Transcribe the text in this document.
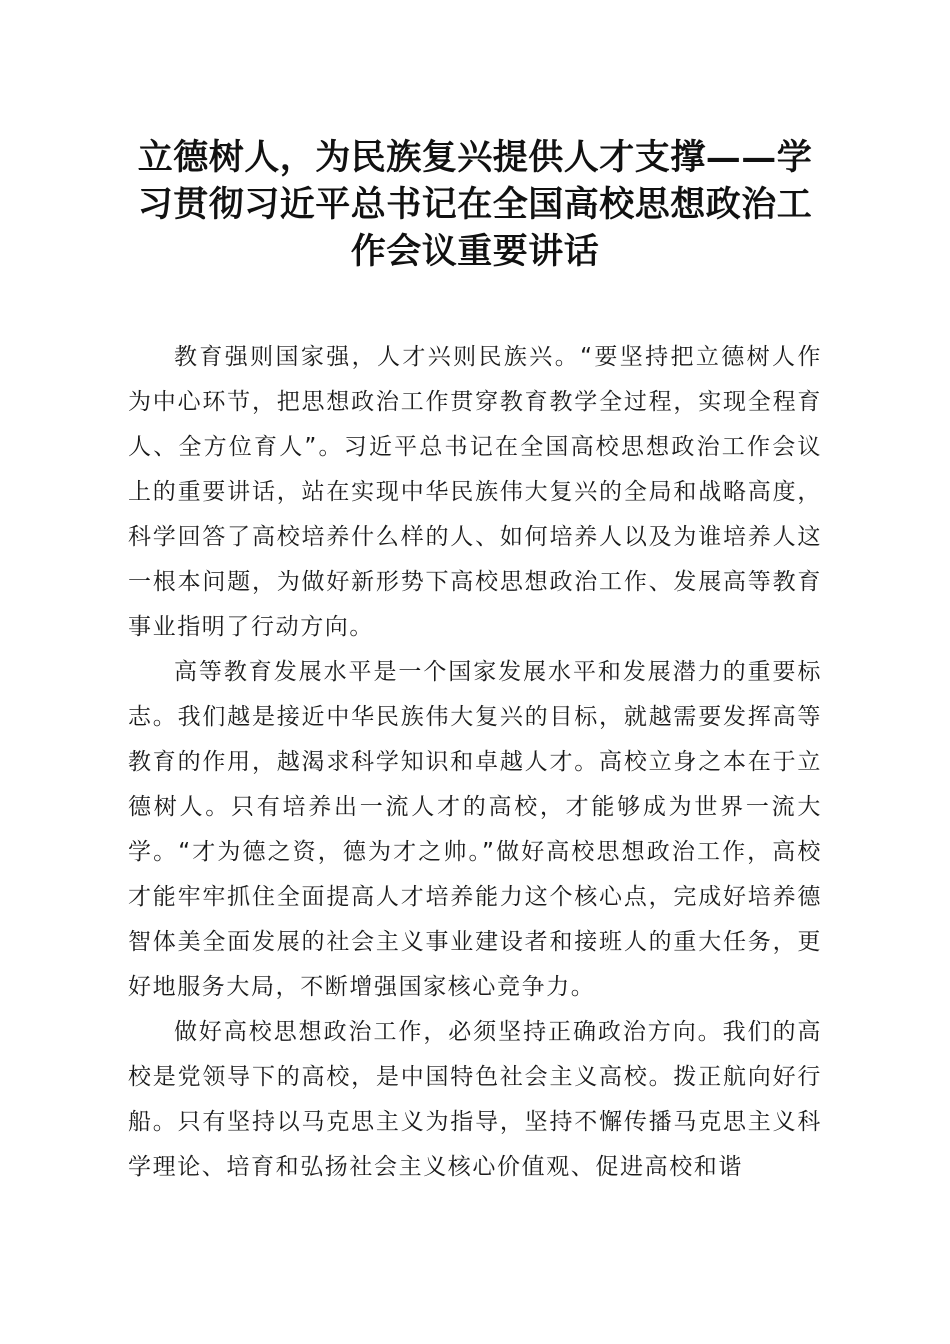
立德树人，为民族复兴提供人才支撑——学习贯彻习近平总书记在全国高校思想政治工作会议重要讲话

教育强则国家强，人才兴则民族兴。“要坚持把立德树人作为中心环节，把思想政治工作贯穿教育教学全过程，实现全程育人、全方位育人”。习近平总书记在全国高校思想政治工作会议上的重要讲话，站在实现中华民族伟大复兴的全局和战略高度，科学回答了高校培养什么样的人、如何培养人以及为谁培养人这一根本问题，为做好新形势下高校思想政治工作、发展高等教育事业指明了行动方向。

高等教育发展水平是一个国家发展水平和发展潜力的重要标志。我们越是接近中华民族伟大复兴的目标，就越需要发挥高等教育的作用，越渴求科学知识和卓越人才。高校立身之本在于立德树人。只有培养出一流人才的高校，才能够成为世界一流大学。“才为德之资，德为才之帅。”做好高校思想政治工作，高校才能牢牢抓住全面提高人才培养能力这个核心点，完成好培养德智体美全面发展的社会主义事业建设者和接班人的重大任务，更好地服务大局，不断增强国家核心竞争力。

做好高校思想政治工作，必须坚持正确政治方向。我们的高校是党领导下的高校，是中国特色社会主义高校。拨正航向好行船。只有坚持以马克思主义为指导，坚持不懈传播马克思主义科学理论、培育和弘扬社会主义核心价值观、促进高校和谐
